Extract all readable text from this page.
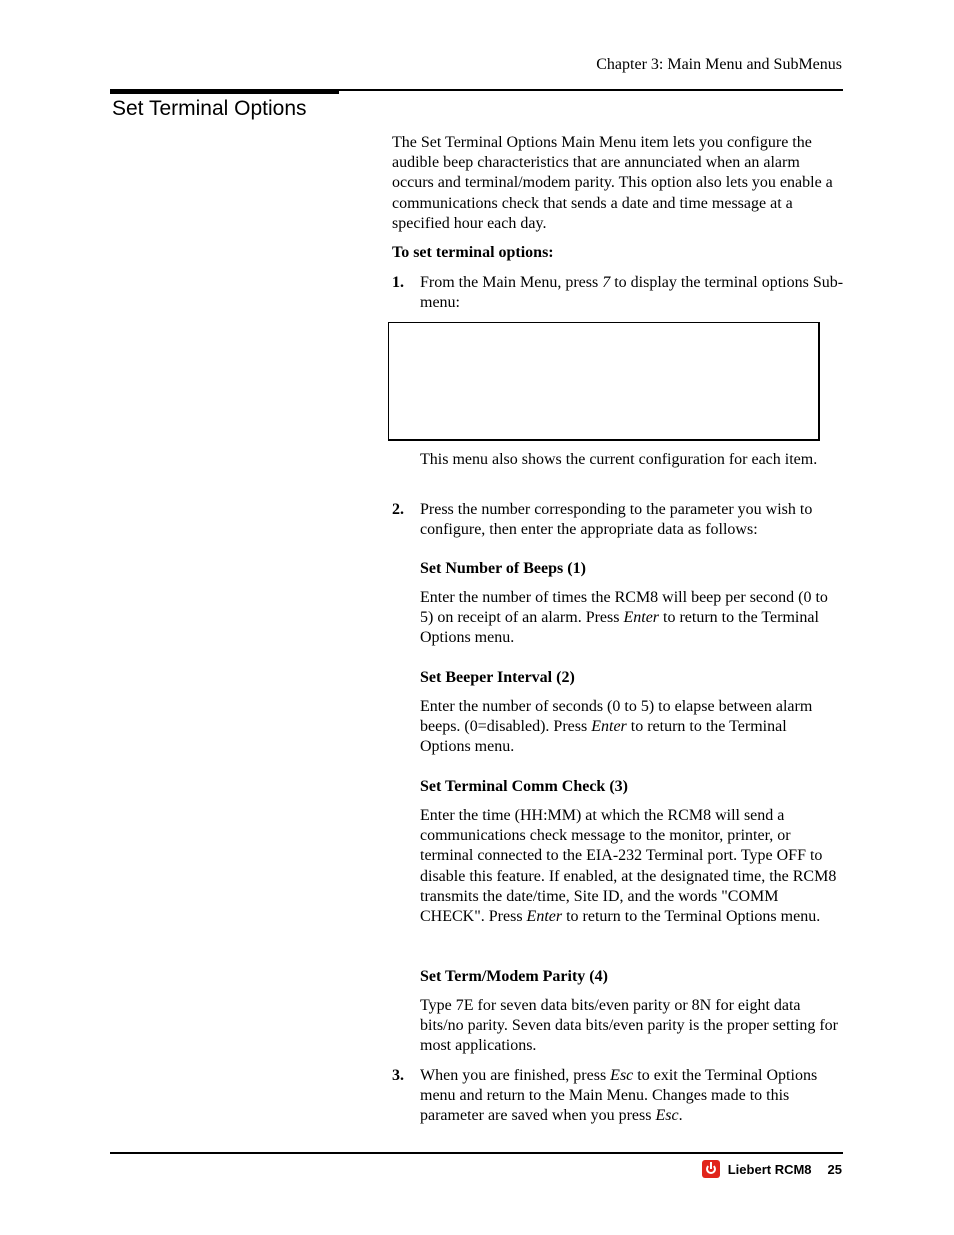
Chapter 3: Main Menu and SubMenus
Set Terminal Options

The Set Terminal Options Main Menu item lets you configure the audible beep characteristics that are annunciated when an alarm occurs and terminal/modem parity. This option also lets you enable a communications check that sends a date and time message at a specified hour each day.

To set terminal options:
1. From the Main Menu, press 7 to display the terminal options Sub-menu:
This menu also shows the current configuration for each item.
2. Press the number corresponding to the parameter you wish to configure, then enter the appropriate data as follows:
Set Number of Beeps (1)
Enter the number of times the RCM8 will beep per second (0 to 5) on receipt of an alarm. Press Enter to return to the Terminal Options menu.
Set Beeper Interval (2)
Enter the number of seconds (0 to 5) to elapse between alarm beeps. (0=disabled). Press Enter to return to the Terminal Options menu.
Set Terminal Comm Check (3)
Enter the time (HH:MM) at which the RCM8 will send a communications check message to the monitor, printer, or terminal connected to the EIA-232 Terminal port. Type OFF to disable this feature. If enabled, at the designated time, the RCM8 transmits the date/time, Site ID, and the words "COMM CHECK". Press Enter to return to the Terminal Options menu.
Set Term/Modem Parity (4)
Type 7E for seven data bits/even parity or 8N for eight data bits/no parity. Seven data bits/even parity is the proper setting for most applications.
3. When you are finished, press Esc to exit the Terminal Options menu and return to the Main Menu. Changes made to this parameter are saved when you press Esc.
Liebert RCM8 25
